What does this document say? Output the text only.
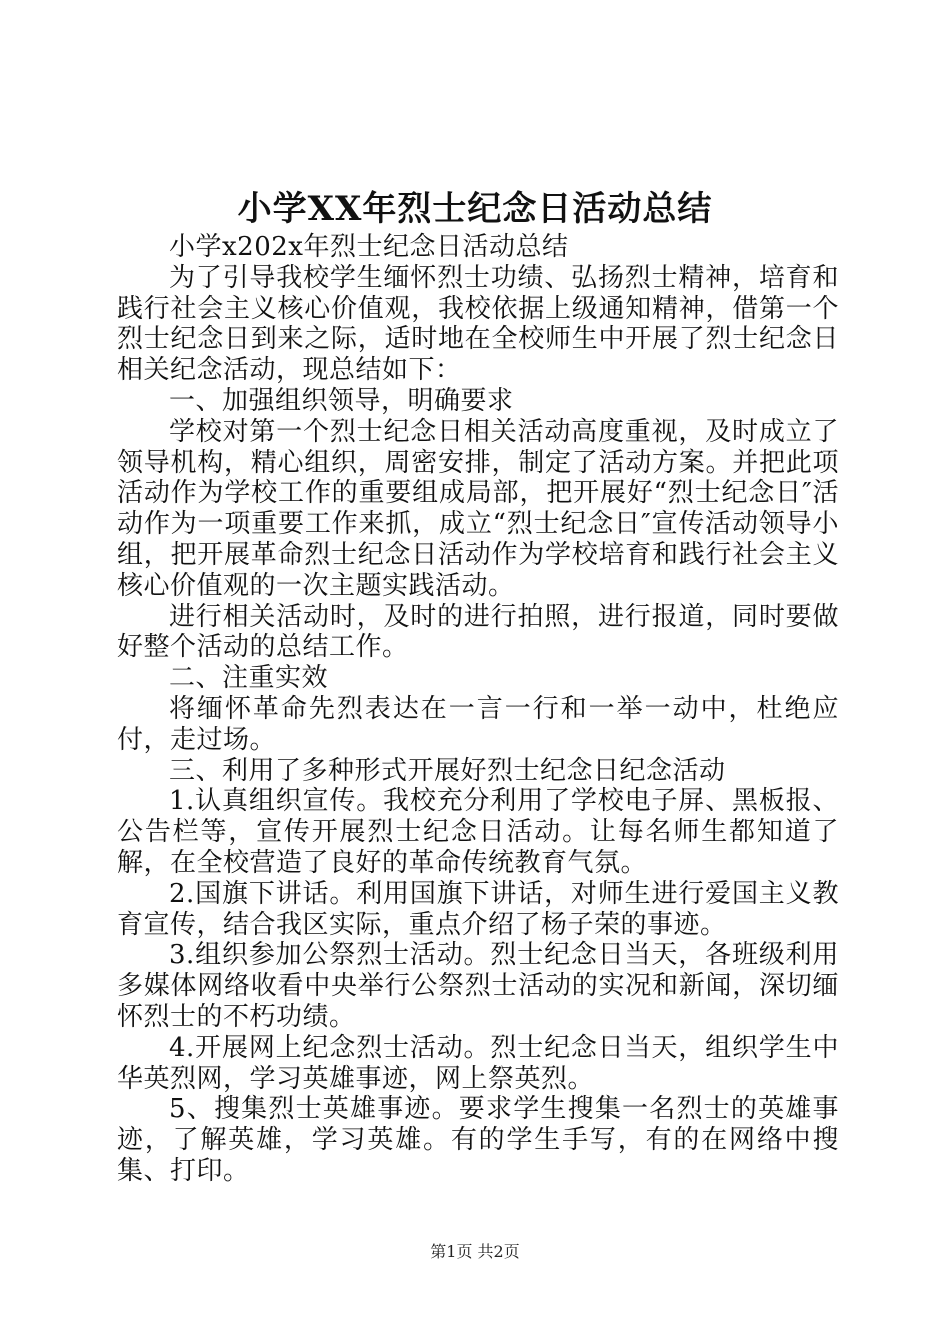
小学XX年烈士纪念日活动总结

小学x202x年烈士纪念日活动总结

为了引导我校学生缅怀烈士功绩、弘扬烈士精神，培育和践行社会主义核心价值观，我校依据上级通知精神，借第一个烈士纪念日到来之际，适时地在全校师生中开展了烈士纪念日相关纪念活动，现总结如下：

一、加强组织领导，明确要求

学校对第一个烈士纪念日相关活动高度重视，及时成立了领导机构，精心组织，周密安排，制定了活动方案。并把此项活动作为学校工作的重要组成局部，把开展好“烈士纪念日″活动作为一项重要工作来抓，成立“烈士纪念日″宣传活动领导小组，把开展革命烈士纪念日活动作为学校培育和践行社会主义核心价值观的一次主题实践活动。

进行相关活动时，及时的进行拍照，进行报道，同时要做好整个活动的总结工作。

二、注重实效

将缅怀革命先烈表达在一言一行和一举一动中，杜绝应付，走过场。

三、利用了多种形式开展好烈士纪念日纪念活动

1.认真组织宣传。我校充分利用了学校电子屏、黑板报、公告栏等，宣传开展烈士纪念日活动。让每名师生都知道了解，在全校营造了良好的革命传统教育气氛。

2.国旗下讲话。利用国旗下讲话，对师生进行爱国主义教育宣传，结合我区实际，重点介绍了杨子荣的事迹。

3.组织参加公祭烈士活动。烈士纪念日当天，各班级利用多媒体网络收看中央举行公祭烈士活动的实况和新闻，深切缅怀烈士的不朽功绩。

4.开展网上纪念烈士活动。烈士纪念日当天，组织学生中华英烈网，学习英雄事迹，网上祭英烈。

5、搜集烈士英雄事迹。要求学生搜集一名烈士的英雄事迹，了解英雄，学习英雄。有的学生手写，有的在网络中搜集、打印。

第1页 共2页
